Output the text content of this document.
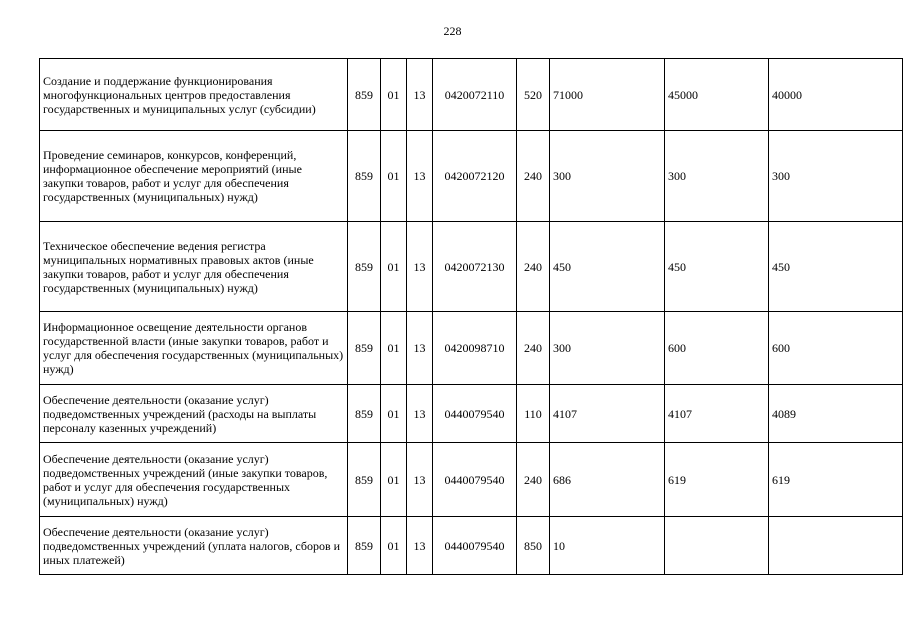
228
Создание и поддержание функционирования многофункциональных центров предоставления государственных и муниципальных услуг (субсидии)	859	01	13	0420072110	520	71000	45000	40000
Проведение семинаров, конкурсов, конференций, информационное обеспечение мероприятий (иные закупки товаров, работ и услуг для обеспечения государственных (муниципальных) нужд)	859	01	13	0420072120	240	300	300	300
Техническое обеспечение ведения регистра муниципальных нормативных правовых актов (иные закупки товаров, работ и услуг для обеспечения государственных (муниципальных) нужд)	859	01	13	0420072130	240	450	450	450
Информационное освещение деятельности органов государственной власти (иные закупки товаров, работ и услуг для обеспечения государственных (муниципальных) нужд)	859	01	13	0420098710	240	300	600	600
Обеспечение деятельности (оказание услуг) подведомственных учреждений (расходы на выплаты персоналу казенных учреждений)	859	01	13	0440079540	110	4107	4107	4089
Обеспечение деятельности (оказание услуг) подведомственных учреждений (иные закупки товаров, работ и услуг для обеспечения государственных (муниципальных) нужд)	859	01	13	0440079540	240	686	619	619
Обеспечение деятельности (оказание услуг) подведомственных учреждений (уплата налогов, сборов и иных платежей)	859	01	13	0440079540	850	10		
